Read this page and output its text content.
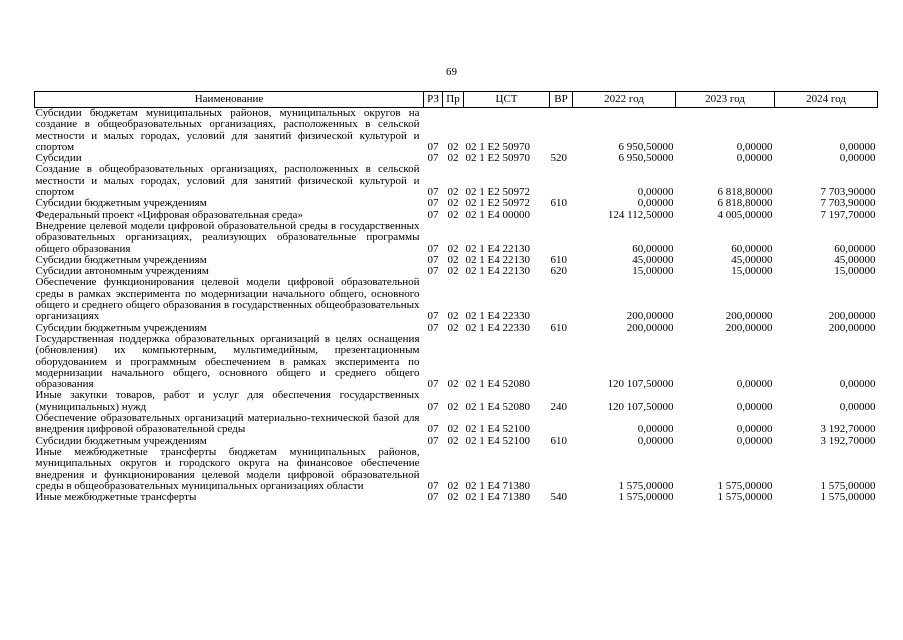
69
Наименование	РЗ	Пр	ЦСТ	ВР	2022 год	2023 год	2024 год
Субсидии бюджетам муниципальных районов, муниципальных округов на создание в общеобразовательных организациях, расположенных в сельской местности и малых городах, условий для занятий физической культурой и спортом	07	02	02 1 E2 50970		6 950,50000	0,00000	0,00000
Субсидии	07	02	02 1 E2 50970	520	6 950,50000	0,00000	0,00000
Создание в общеобразовательных организациях, расположенных в сельской местности и малых городах, условий для занятий физической культурой и спортом	07	02	02 1 E2 50972		0,00000	6 818,80000	7 703,90000
Субсидии бюджетным учреждениям	07	02	02 1 E2 50972	610	0,00000	6 818,80000	7 703,90000
Федеральный проект «Цифровая образовательная среда»	07	02	02 1 E4 00000		124 112,50000	4 005,00000	7 197,70000
Внедрение целевой модели цифровой образовательной среды в государственных образовательных организациях, реализующих образовательные программы общего образования	07	02	02 1 E4 22130		60,00000	60,00000	60,00000
Субсидии бюджетным учреждениям	07	02	02 1 E4 22130	610	45,00000	45,00000	45,00000
Субсидии автономным учреждениям	07	02	02 1 E4 22130	620	15,00000	15,00000	15,00000
Обеспечение функционирования целевой модели цифровой образовательной среды в рамках эксперимента по модернизации начального общего, основного общего и среднего общего образования в государственных общеобразовательных организациях	07	02	02 1 E4 22330		200,00000	200,00000	200,00000
Субсидии бюджетным учреждениям	07	02	02 1 E4 22330	610	200,00000	200,00000	200,00000
Государственная поддержка образовательных организаций в целях оснащения (обновления) их компьютерным, мультимедийным, презентационным оборудованием и программным обеспечением в рамках эксперимента по модернизации начального общего, основного общего и среднего общего образования	07	02	02 1 E4 52080		120 107,50000	0,00000	0,00000
Иные закупки товаров, работ и услуг для обеспечения государственных (муниципальных) нужд	07	02	02 1 E4 52080	240	120 107,50000	0,00000	0,00000
Обеспечение образовательных организаций материально-технической базой для внедрения цифровой образовательной среды	07	02	02 1 E4 52100		0,00000	0,00000	3 192,70000
Субсидии бюджетным учреждениям	07	02	02 1 E4 52100	610	0,00000	0,00000	3 192,70000
Иные межбюджетные трансферты бюджетам муниципальных районов, муниципальных округов и городского округа на финансовое обеспечение внедрения и функционирования целевой модели цифровой образовательной среды в общеобразовательных муниципальных организациях области	07	02	02 1 E4 71380		1 575,00000	1 575,00000	1 575,00000
Иные межбюджетные трансферты	07	02	02 1 E4 71380	540	1 575,00000	1 575,00000	1 575,00000
